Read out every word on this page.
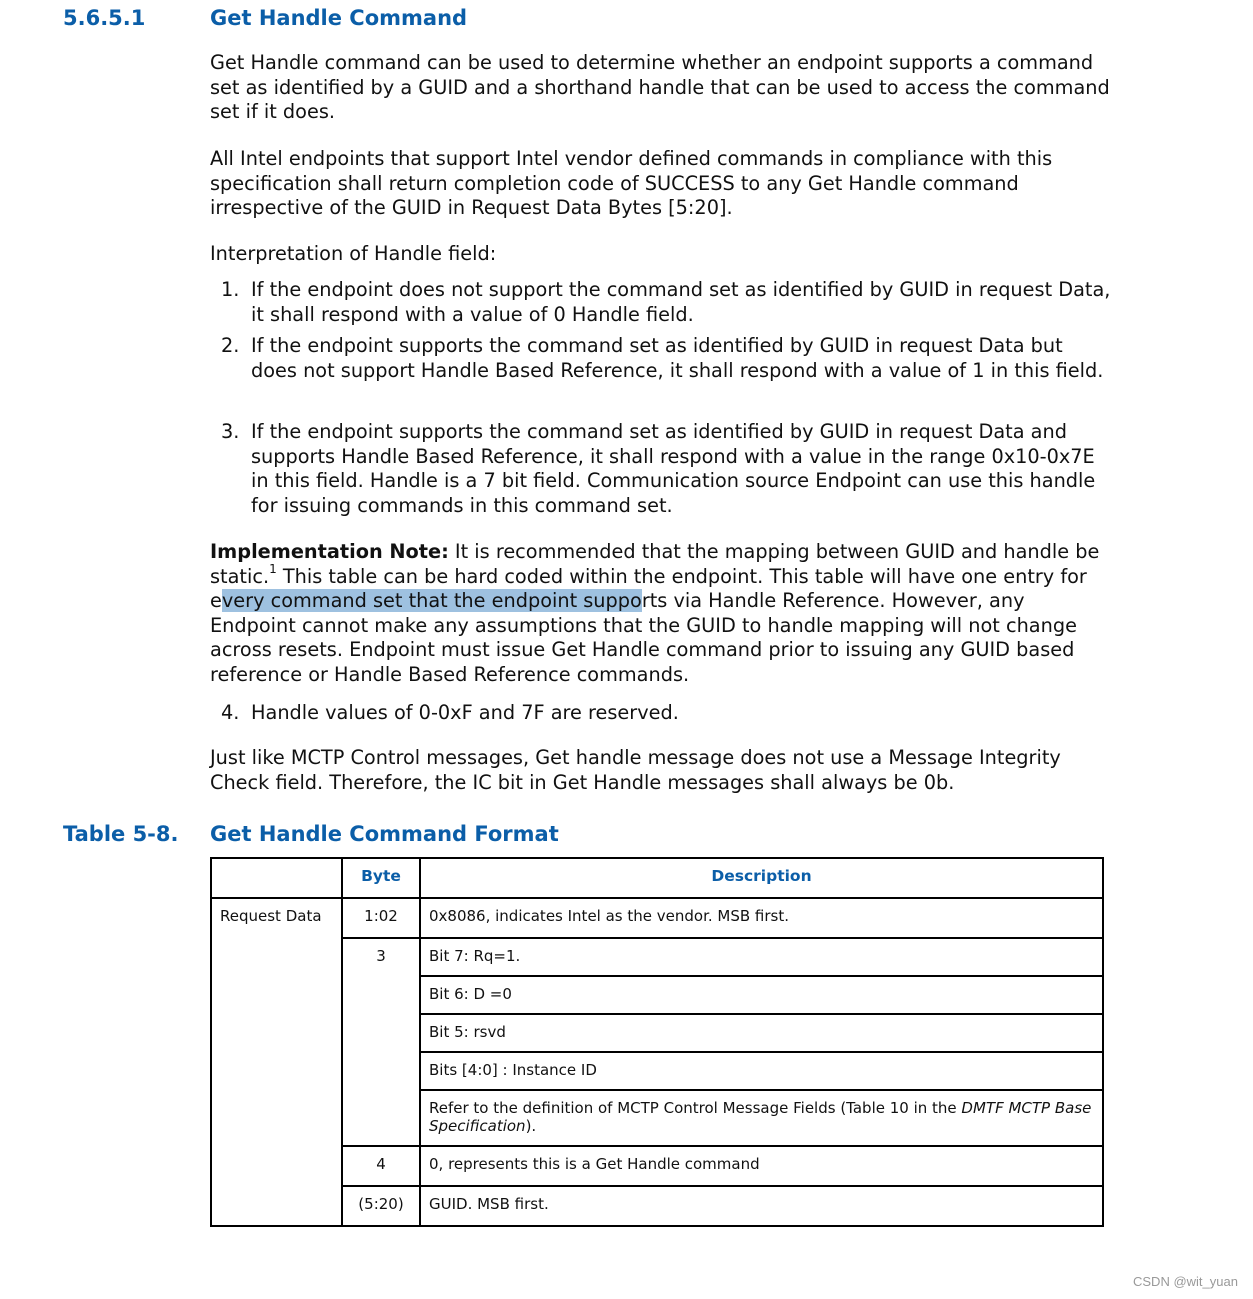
5.6.5.1	Get Handle Command
Get Handle command can be used to determine whether an endpoint supports a command set as identified by a GUID and a shorthand handle that can be used to access the command set if it does.
All Intel endpoints that support Intel vendor defined commands in compliance with this specification shall return completion code of SUCCESS to any Get Handle command irrespective of the GUID in Request Data Bytes [5:20].
Interpretation of Handle field:
1. If the endpoint does not support the command set as identified by GUID in request Data, it shall respond with a value of 0 Handle field.
2. If the endpoint supports the command set as identified by GUID in request Data but does not support Handle Based Reference, it shall respond with a value of 1 in this field.
3. If the endpoint supports the command set as identified by GUID in request Data and supports Handle Based Reference, it shall respond with a value in the range 0x10-0x7E in this field. Handle is a 7 bit field. Communication source Endpoint can use this handle for issuing commands in this command set.
Implementation Note: It is recommended that the mapping between GUID and handle be static.$^1$ This table can be hard coded within the endpoint. This table will have one entry for every command set that the endpoint supports via Handle Reference. However, any Endpoint cannot make any assumptions that the GUID to handle mapping will not change across resets. Endpoint must issue Get Handle command prior to issuing any GUID based reference or Handle Based Reference commands.
4. Handle values of 0-0xF and 7F are reserved.
Just like MCTP Control messages, Get handle message does not use a Message Integrity Check field. Therefore, the IC bit in Get Handle messages shall always be 0b.
Table 5-8. Get Handle Command Format
	Byte	Description
Request Data	1:02	0x8086, indicates Intel as the vendor. MSB first.
	3	Bit 7: Rq=1.
		Bit 6: D =0
		Bit 5: rsvd
		Bits [4:0] : Instance ID
		Refer to the definition of MCTP Control Message Fields (Table 10 in the DMTF MCTP Base Specification).
	4	0, represents this is a Get Handle command
	(5:20)	GUID. MSB first.
CSDN @wit_yuan
